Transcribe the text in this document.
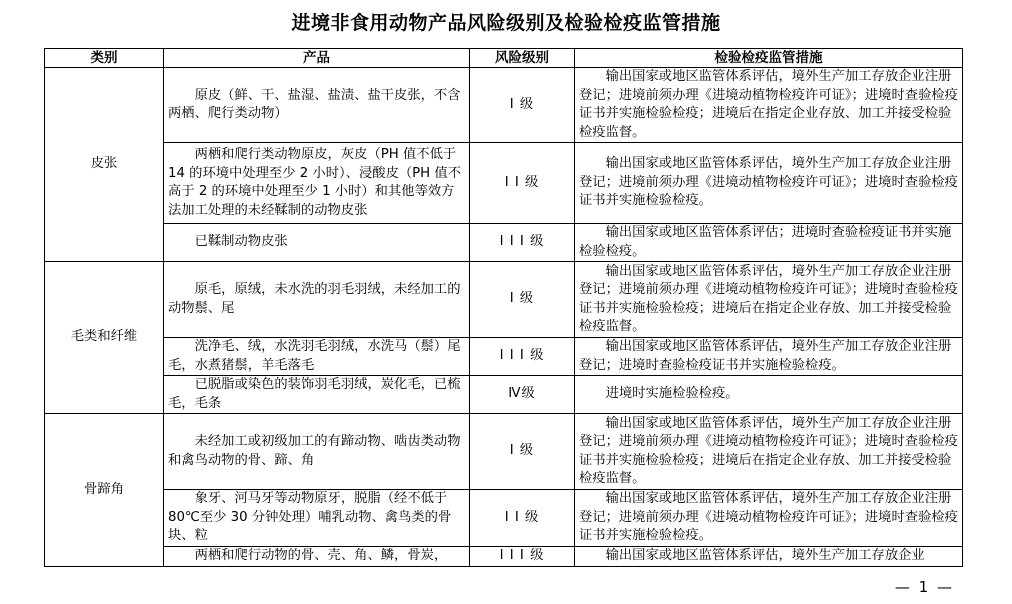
进境非食用动物产品风险级别及检验检疫监管措施
类别	产品	风险级别	检验检疫监管措施
皮张	原皮（鲜、干、盐湿、盐渍、盐干皮张，不含两栖、爬行类动物）	I 级	输出国家或地区监管体系评估，境外生产加工存放企业注册登记；进境前须办理《进境动植物检疫许可证》；进境时查验检疫证书并实施检验检疫；进境后在指定企业存放、加工并接受检验检疫监督。
	两栖和爬行类动物原皮，灰皮（PH 值不低于 14 的环境中处理至少 2 小时）、浸酸皮（PH 值不高于 2 的环境中处理至少 1 小时）和其他等效方法加工处理的未经鞣制的动物皮张	I I 级	输出国家或地区监管体系评估，境外生产加工存放企业注册登记；进境前须办理《进境动植物检疫许可证》；进境时查验检疫证书并实施检验检疫。
	已鞣制动物皮张	I I I 级	输出国家或地区监管体系评估；进境时查验检疫证书并实施检验检疫。
毛类和纤维	原毛，原绒，未水洗的羽毛羽绒，未经加工的动物鬃、尾	I 级	输出国家或地区监管体系评估，境外生产加工存放企业注册登记；进境前须办理《进境动植物检疫许可证》；进境时查验检疫证书并实施检验检疫；进境后在指定企业存放、加工并接受检验检疫监督。
	洗净毛、绒，水洗羽毛羽绒，水洗马（鬃）尾毛，水煮猪鬃，羊毛落毛	I I I 级	输出国家或地区监管体系评估，境外生产加工存放企业注册登记；进境时查验检疫证书并实施检验检疫。
	已脱脂或染色的装饰羽毛羽绒，炭化毛，已梳毛，毛条	Ⅳ级	进境时实施检验检疫。
骨蹄角	未经加工或初级加工的有蹄动物、啮齿类动物和禽鸟动物的骨、蹄、角	I 级	输出国家或地区监管体系评估，境外生产加工存放企业注册登记；进境前须办理《进境动植物检疫许可证》；进境时查验检疫证书并实施检验检疫；进境后在指定企业存放、加工并接受检验检疫监督。
	象牙、河马牙等动物原牙，脱脂（经不低于 80℃至少 30 分钟处理）哺乳动物、禽鸟类的骨块、粒	I I 级	输出国家或地区监管体系评估，境外生产加工存放企业注册登记；进境前须办理《进境动植物检疫许可证》；进境时查验检疫证书并实施检验检疫。
	两栖和爬行动物的骨、壳、角、鳞，骨炭，	I I I 级	输出国家或地区监管体系评估，境外生产加工存放企业
— 1 —
